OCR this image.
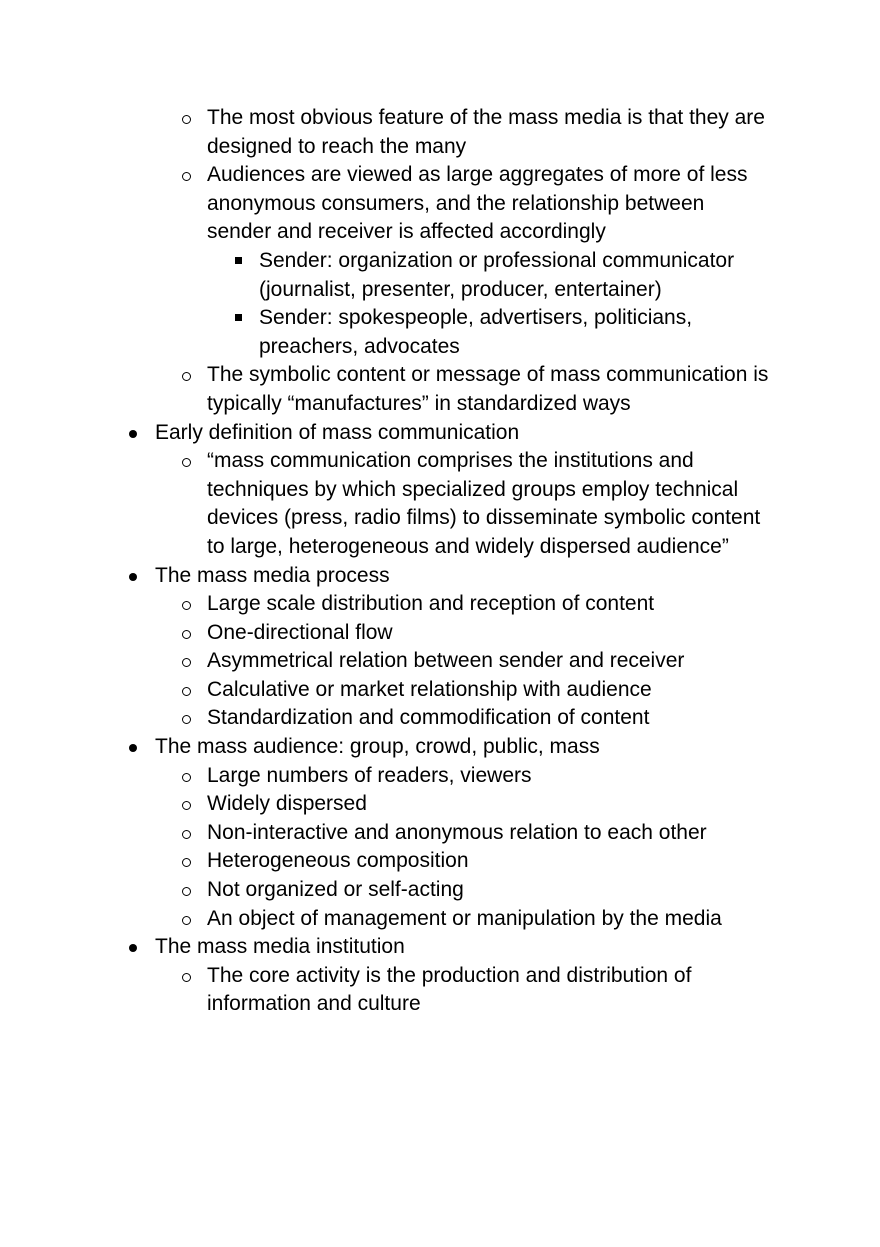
The most obvious feature of the mass media is that they are
designed to reach the many
Audiences are viewed as large aggregates of more of less
anonymous consumers, and the relationship between
sender and receiver is affected accordingly
Sender: organization or professional communicator
(journalist, presenter, producer, entertainer)
Sender: spokespeople, advertisers, politicians,
preachers, advocates
The symbolic content or message of mass communication is
typically “manufactures” in standardized ways
Early definition of mass communication
“mass communication comprises the institutions and
techniques by which specialized groups employ technical
devices (press, radio films) to disseminate symbolic content
to large, heterogeneous and widely dispersed audience”
The mass media process
Large scale distribution and reception of content
One-directional flow
Asymmetrical relation between sender and receiver
Calculative or market relationship with audience
Standardization and commodification of content
The mass audience: group, crowd, public, mass
Large numbers of readers, viewers
Widely dispersed
Non-interactive and anonymous relation to each other
Heterogeneous composition
Not organized or self-acting
An object of management or manipulation by the media
The mass media institution
The core activity is the production and distribution of
information and culture
